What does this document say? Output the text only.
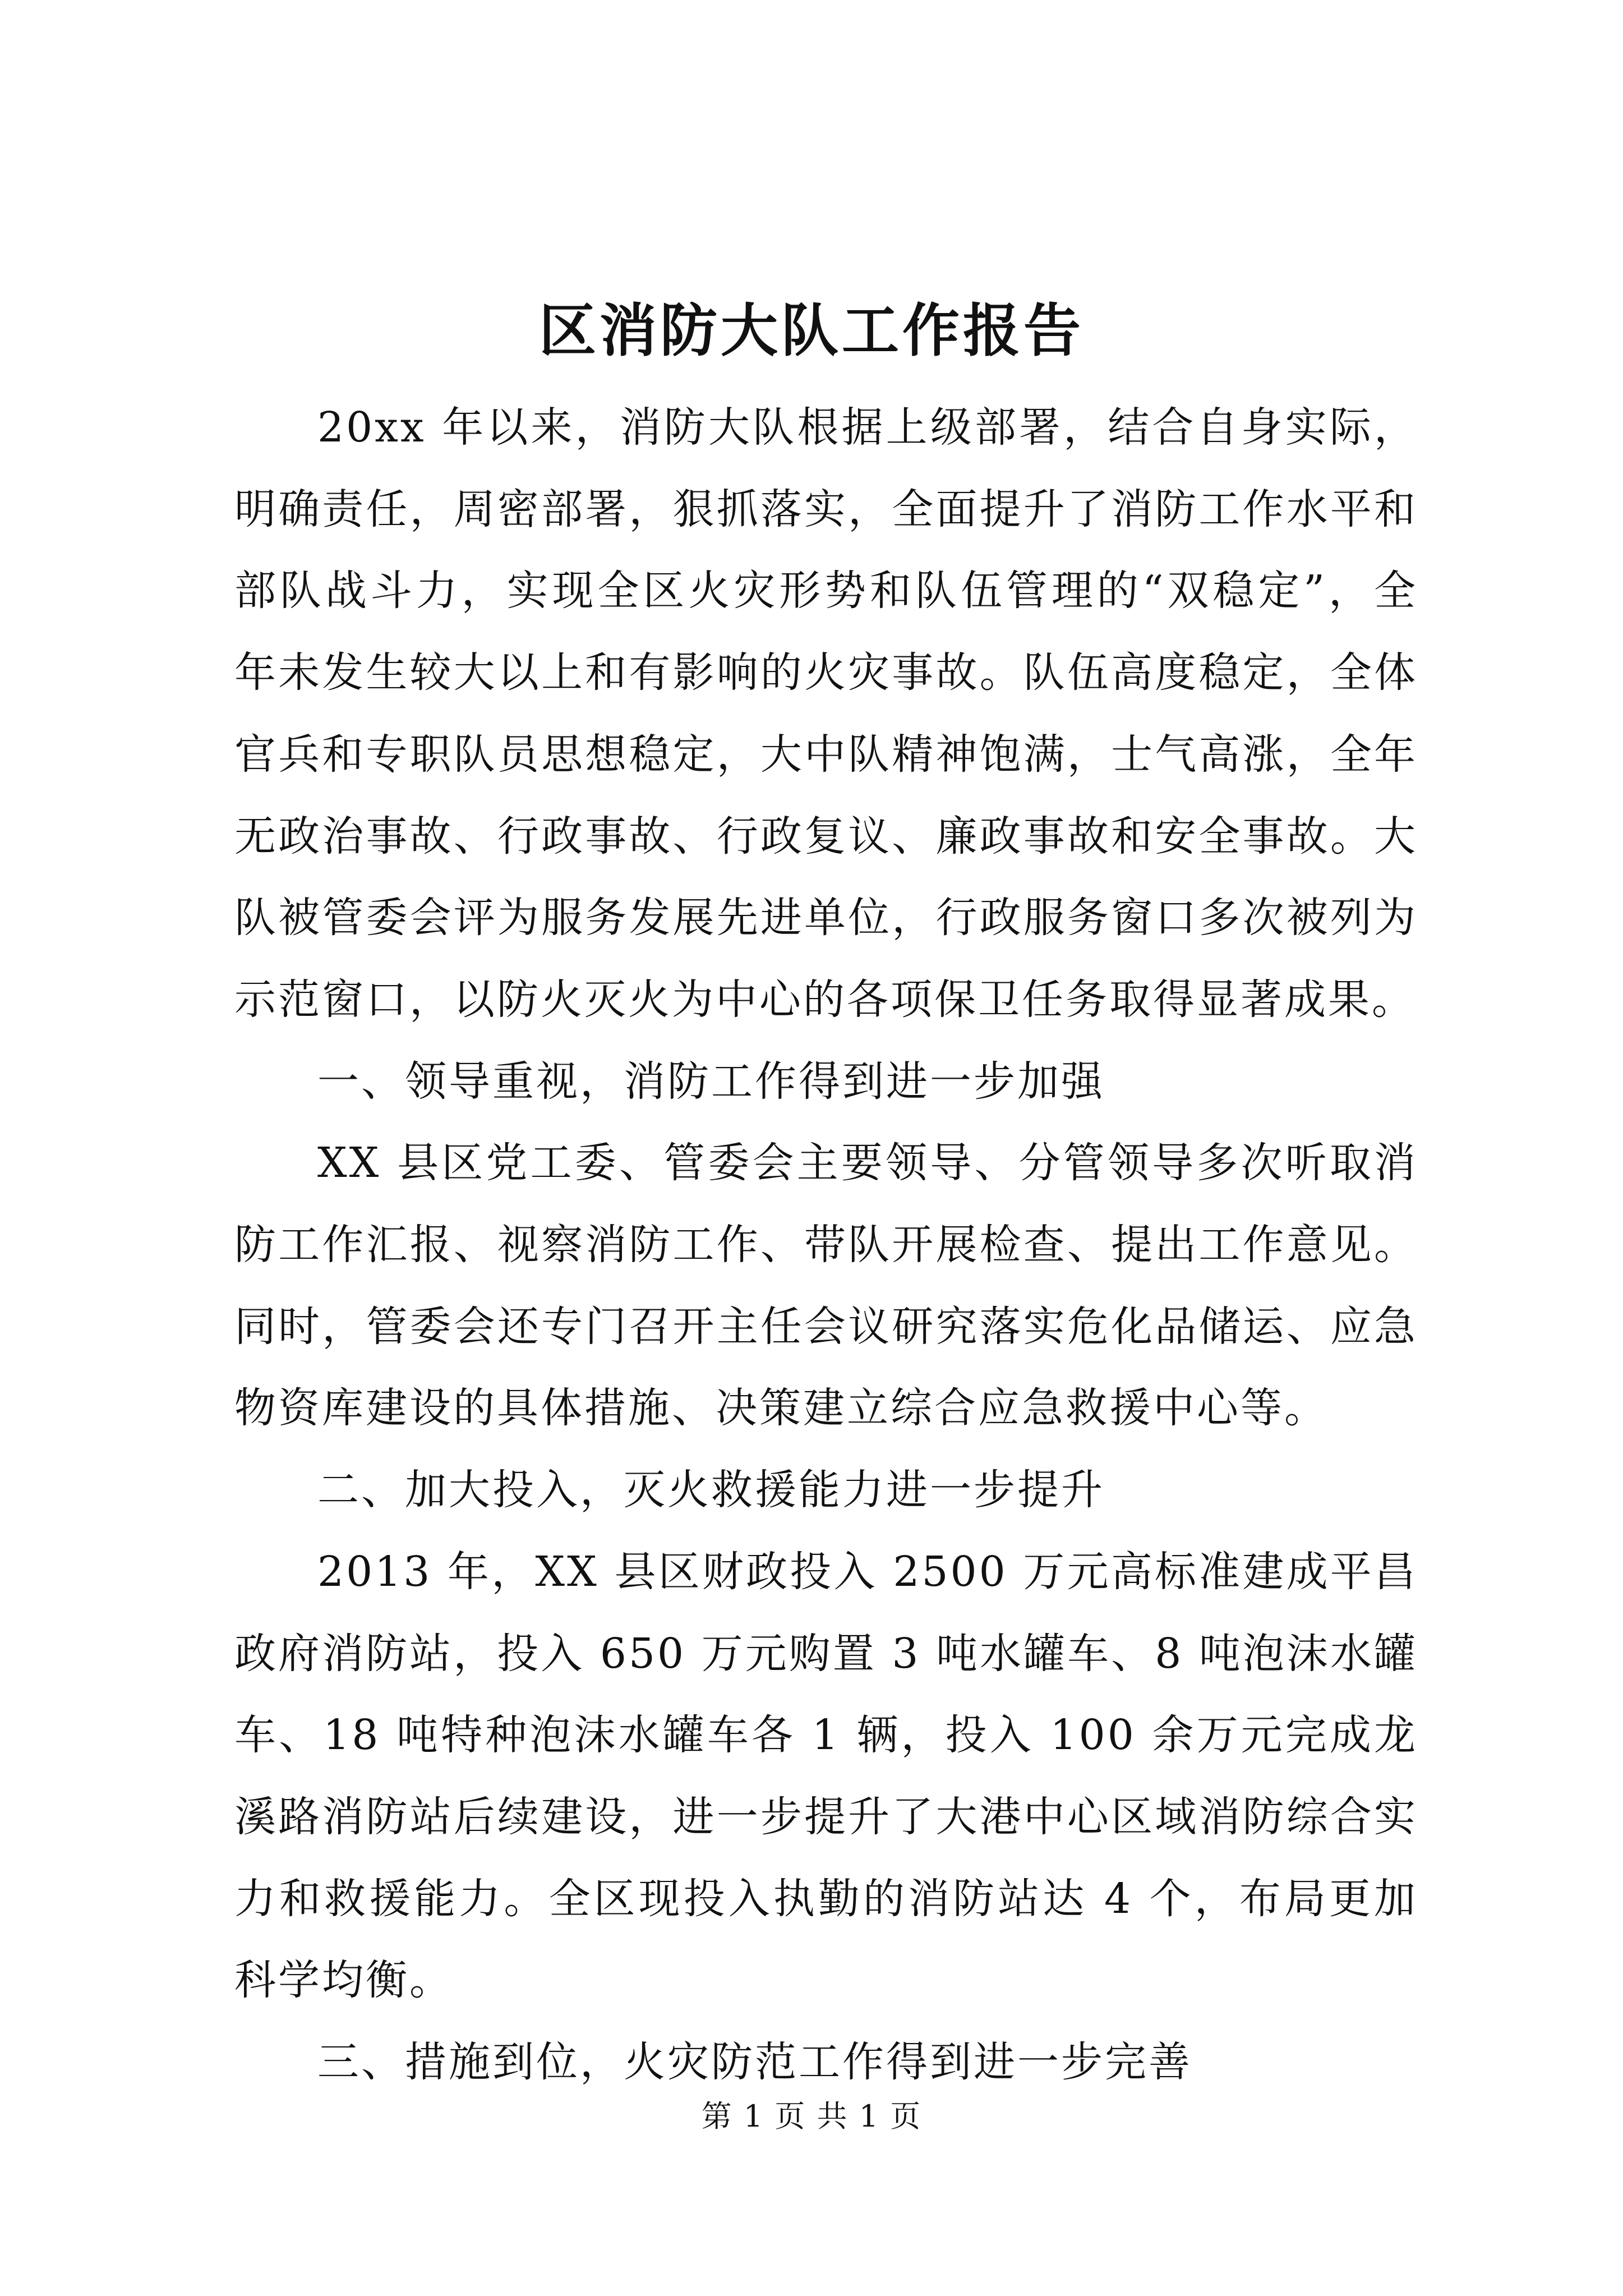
区消防大队工作报告

20xx 年以来，消防大队根据上级部署，结合自身实际，明确责任，周密部署，狠抓落实，全面提升了消防工作水平和部队战斗力，实现全区火灾形势和队伍管理的“双稳定”，全年未发生较大以上和有影响的火灾事故。队伍高度稳定，全体官兵和专职队员思想稳定，大中队精神饱满，士气高涨，全年无政治事故、行政事故、行政复议、廉政事故和安全事故。大队被管委会评为服务发展先进单位，行政服务窗口多次被列为示范窗口，以防火灭火为中心的各项保卫任务取得显著成果。

一、领导重视，消防工作得到进一步加强

XX 县区党工委、管委会主要领导、分管领导多次听取消防工作汇报、视察消防工作、带队开展检查、提出工作意见。同时，管委会还专门召开主任会议研究落实危化品储运、应急物资库建设的具体措施、决策建立综合应急救援中心等。

二、加大投入，灭火救援能力进一步提升

2013 年，XX 县区财政投入 2500 万元高标准建成平昌政府消防站，投入 650 万元购置 3 吨水罐车、8 吨泡沫水罐车、18 吨特种泡沫水罐车各 1 辆，投入 100 余万元完成龙溪路消防站后续建设，进一步提升了大港中心区域消防综合实力和救援能力。全区现投入执勤的消防站达 4 个，布局更加科学均衡。

三、措施到位，火灾防范工作得到进一步完善

第 1 页 共 1 页
